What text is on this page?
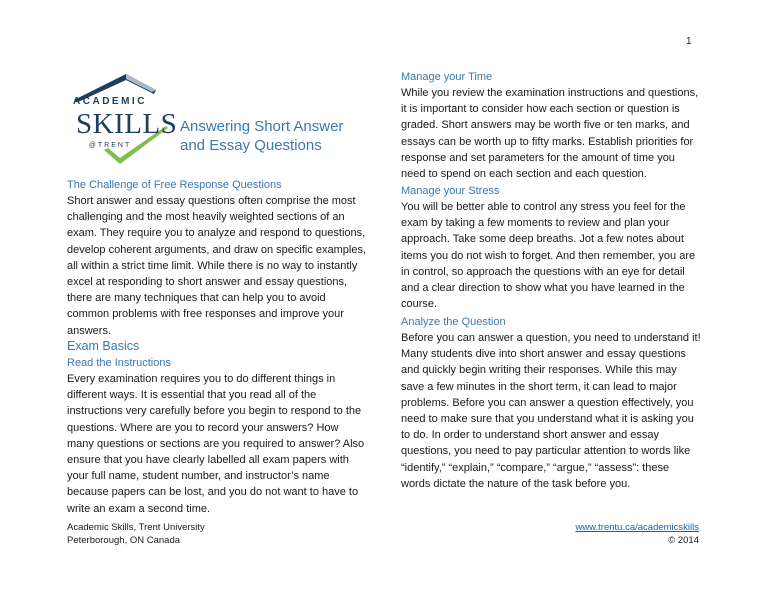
1
ACADEMIC
SKILLS
@TRENT
Answering Short Answer and Essay Questions
The Challenge of Free Response Questions

Short answer and essay questions often comprise the most challenging and the most heavily weighted sections of an exam. They require you to analyze and respond to questions, develop coherent arguments, and draw on specific examples, all within a strict time limit. While there is no way to instantly excel at responding to short answer and essay questions, there are many techniques that can help you to avoid common problems with free responses and improve your answers.

Exam Basics
Read the Instructions

Every examination requires you to do different things in different ways. It is essential that you read all of the instructions very carefully before you begin to respond to the questions. Where are you to record your answers? How many questions or sections are you required to answer? Also ensure that you have clearly labelled all exam papers with your full name, student number, and instructor’s name because papers can be lost, and you do not want to have to write an exam a second time.

Manage your Time

While you review the examination instructions and questions, it is important to consider how each section or question is graded. Short answers may be worth five or ten marks, and essays can be worth up to fifty marks. Establish priorities for response and set parameters for the amount of time you need to spend on each section and each question.

Manage your Stress

You will be better able to control any stress you feel for the exam by taking a few moments to review and plan your approach. Take some deep breaths. Jot a few notes about items you do not wish to forget. And then remember, you are in control, so approach the questions with an eye for detail and a clear direction to show what you have learned in the course.

Analyze the Question

Before you can answer a question, you need to understand it! Many students dive into short answer and essay questions and quickly begin writing their responses. While this may save a few minutes in the short term, it can lead to major problems. Before you can answer a question effectively, you need to make sure that you understand what it is asking you to do. In order to understand short answer and essay questions, you need to pay particular attention to words like “identify,” “explain,” “compare,” “argue,” “assess”: these words dictate the nature of the task before you.

Academic Skills, Trent University
Peterborough, ON Canada
www.trentu.ca/academicskills
© 2014
